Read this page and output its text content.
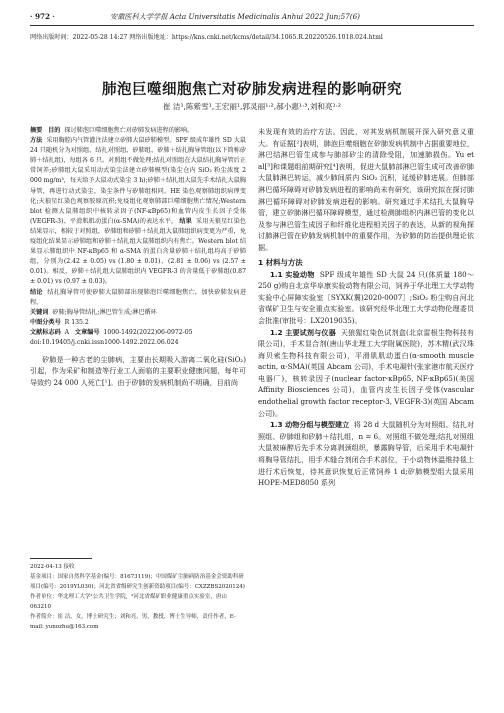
· 972 ·	安徽医科大学学报 Acta Universitatis Medicinalis Anhui 2022 Jun;57(6)
网络出版时间：2022-05-28 14:27 网络出版地址：https://kns.cnki.net/kcms/detail/34.1065.R.20220526.1018.024.html
肺泡巨噬细胞焦亡对矽肺发病进程的影响研究
崔 洁¹,陈紫雪¹,王宏丽¹,郭灵丽¹·²,郝小惠¹·³,刘和亮¹·²

摘要 目的 探讨肺泡巨噬细胞焦亡对矽肺发病进程的影响。

方法 采用胸腔内气管灌注法建立矽肺大鼠矽肺模型。SPF 级成年雄性 SD 大鼠 24 只随机分为对照组、结扎对照组、矽肺组、矽肺＋结扎胸导管组(以下简称矽肺＋结扎组)，每组各 6 只。对照组不做处理;结扎对照组在大鼠结扎胸导管后正常饲养;矽肺组大鼠采用动式染尘法建立矽肺模型(染尘仓内 SiO₂ 粉尘浓度 2 000 mg/m³，每天给予大鼠动式染尘 3 h);矽肺＋结扎组大鼠先手术结扎大鼠胸导管，再进行动式染尘，染尘条件与矽肺组相同。HE 染色观察肺组织病理变化;天狼星红染色观察胶原沉积;免疫组化观察肺部巨噬细胞焦亡情况;Western blot 检测大鼠肺组织中核转录因子(NF-κBp65)和血管内皮生长因子受体(VEGFR-3)、平滑肌肌动蛋白(α-SMA)的表达水平。 结果 采用天狼星红染色结果显示，相较于对照组，矽肺组和矽肺＋结扎组大鼠肺组织病变更为严重，免疫组化结果显示矽肺组和矽肺＋结扎组大鼠肺组织内有焦亡。Western blot 结果显示肺组织中 NF-κBp65 和 α-SMA 的蛋白含量矽肺＋结扎组均高于矽肺组，分别为(2.42 ± 0.05) vs (1.80 ± 0.01)、(2.81 ± 0.06) vs (2.57 ± 0.01)。相反，矽肺＋结扎组大鼠肺组织内 VEGFR-3 的含量低于矽肺组(0.87 ± 0.01) vs (0.97 ± 0.03)。

结论 结扎胸导管可使矽肺大鼠肺部出现肺泡巨噬细胞焦亡，加快矽肺发病进程。

关键词 矽肺;胸导管结扎;淋巴管生成;淋巴循环

中图分类号 R 135.2

文献标志码 A 文章编号 1000-1492(2022)06-0972-05

doi:10.19405/j.cnki.issn1000-1492.2022.06.024

矽肺是一种古老的尘肺病，主要由长期吸入游离二氧化硅(SiO₂)引起，作为采矿和制造等行业工人面临的主要职业健康问题，每年可导致约 24 000 人死亡[¹]。由于矽肺的发病机制尚不明确，目前尚

2022-04-13 接收

基金项目：国家自然科学基金(编号：81673119)；中国煤矿尘肺病防治基金会资助科研项目(编号：2019YL030)；河北省省级研究生创新资助项目(编号：CXZZBS2020124)

作者单位：华北理工大学¹公共卫生学院，²河北省煤矿职业健康重点实验室，唐山 063210

作者简介：崔 洁，女，博士研究生；刘和亮，男，教授，博士生导师，责任作者，E-mail: yunozhu@163.com

未发现有效的治疗方法。因此，对其发病机制展开深入研究意义重大。有证据[²]表明，肺泡巨噬细胞在矽肺发病机制中占据重要地位，淋巴结淋巴管生成参与肺部矽尘的清除受阻，加速肺损伤。Yu et al[³]和课题组前期研究[⁴]表明，促进大鼠肺部淋巴管生成可改善矽肺大鼠肺淋巴转运，减少肺间质内 SiO₂ 沉积，延缓矽肺进展。但肺部淋巴循环障碍对矽肺发病进程的影响尚未有研究，该研究拟在探讨肺淋巴循环障碍对矽肺发病进程的影响。研究通过手术结扎大鼠胸导管，建立矽肺淋巴循环障碍模型，通过检测肺组织内淋巴管的变化以及参与淋巴管生成因子和纤维化进程相关因子的表达，从新的视角探讨肺淋巴管在矽肺发病机制中的重要作用，为矽肺的防治提供理论依据。

1 材料与方法

1.1 实验动物 SPF 级成年雄性 SD 大鼠 24 只(体质量 180～250 g)购自北京华阜康实验动物有限公司，饲养于华北理工大学动物实验中心屏障实验室［SYXK(冀)2020-0007］;SiO₂ 粉尘购自河北省煤矿卫生与安全重点实验室。该研究经华北理工大学动物伦理委员会批准(审批号：LX2019035)。

1.2 主要试剂与仪器 天狼猩红染色试剂盒(北京雷根生物科技有限公司)，手术显合剂(唐山华北理工大学附属医院)，苏木精(武汉珠海贝索生物科技有限公司)，平滑肌肌动蛋白(α-smooth muscle actin, α-SMA)(英国 Abcam 公司)，手术电凝针(张家港市航天医疗电器厂)，核转录因子(nuclear factor-κBp65, NF-κBp65)(美国 Affinity Biosciences 公司)，血管内皮生长因子受体(vascular endothelial growth factor receptor-3, VEGFR-3)(英国 Abcam 公司)。

1.3 动物分组与模型建立 将 28 d 大鼠随机分为对照组、结扎对照组、矽肺组和矽肺＋结扎组，n = 6。对照组不做处理;结扎对照组大鼠被麻醉后先手术分离剥颈组织，暴露胸导管，后采用手术电凝针将胸导管结扎，用手术缝合剂闭合手术部位，于小动物休温维持毯上进行术后恢复，待其意识恢复后正常饲养 1 d;矽肺模型组大鼠采用 HOPE-MED8050 系列
